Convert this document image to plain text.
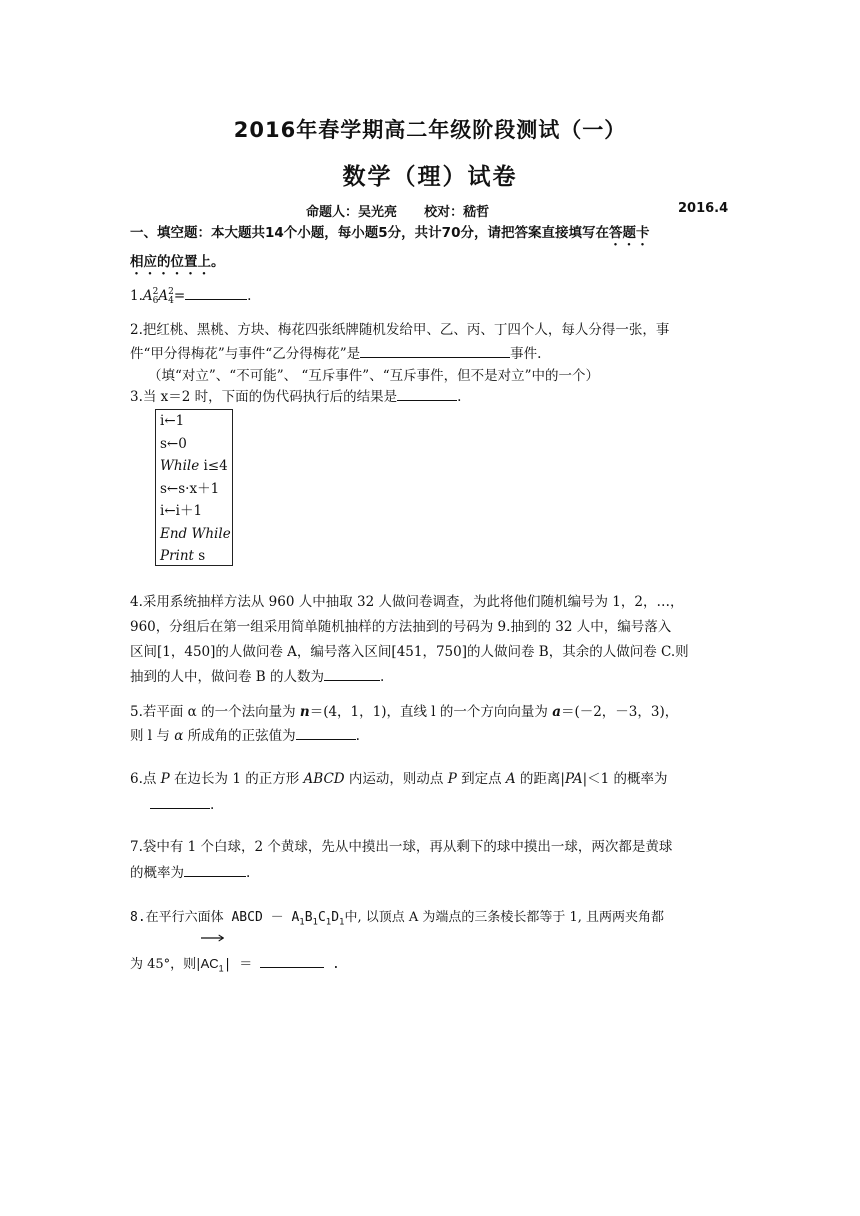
2016年春学期高二年级阶段测试（一）
数学（理）试卷
命题人：吴光亮 校对：嵇哲	2016.4
一、填空题：本大题共14个小题，每小题5分，共计70分，请把答案直接填写在答题卡
相应的位置上。
1.A 2
6 A 2
4 =	.
2.把红桃、黑桃、方块、梅花四张纸牌随机发给甲、乙、丙、丁四个人，每人分得一张，事
件“甲分得梅花”与事件“乙分得梅花”是	事件.
（填“对立”、“不可能”、 “互斥事件”、“互斥事件，但不是对立”中的一个）
3.当 x＝2 时，下面的伪代码执行后的结果是	.
i←1
s←0
While i≤4
s←s·x＋1
i←i＋1
End While
Print s
4.采用系统抽样方法从 960 人中抽取 32 人做问卷调查，为此将他们随机编号为 1，2，…，
960，分组后在第一组采用简单随机抽样的方法抽到的号码为 9.抽到的 32 人中，编号落入
区间[1，450]的人做问卷 A，编号落入区间[451，750]的人做问卷 B，其余的人做问卷 C.则
抽到的人中，做问卷 B 的人数为	.
5.若平面 α 的一个法向量为 n＝(4，1，1)，直线 l 的一个方向向量为 a＝(－2，－3，3)，
则 l 与 α 所成角的正弦值为	.
6.点 P 在边长为 1 的正方形 ABCD 内运动，则动点 P 到定点 A 的距离|PA|＜1 的概率为
.
7.袋中有 1 个白球，2 个黄球，先从中摸出一球，再从剩下的球中摸出一球，两次都是黄球
的概率为	.
8.在平行六面体 ABCD － $A_1B_1C_1D_1$中, 以顶点 A 为端点的三条棱长都等于 1, 且两两夹角都
为 45°，则|
$AC_1|$ ＝	.
